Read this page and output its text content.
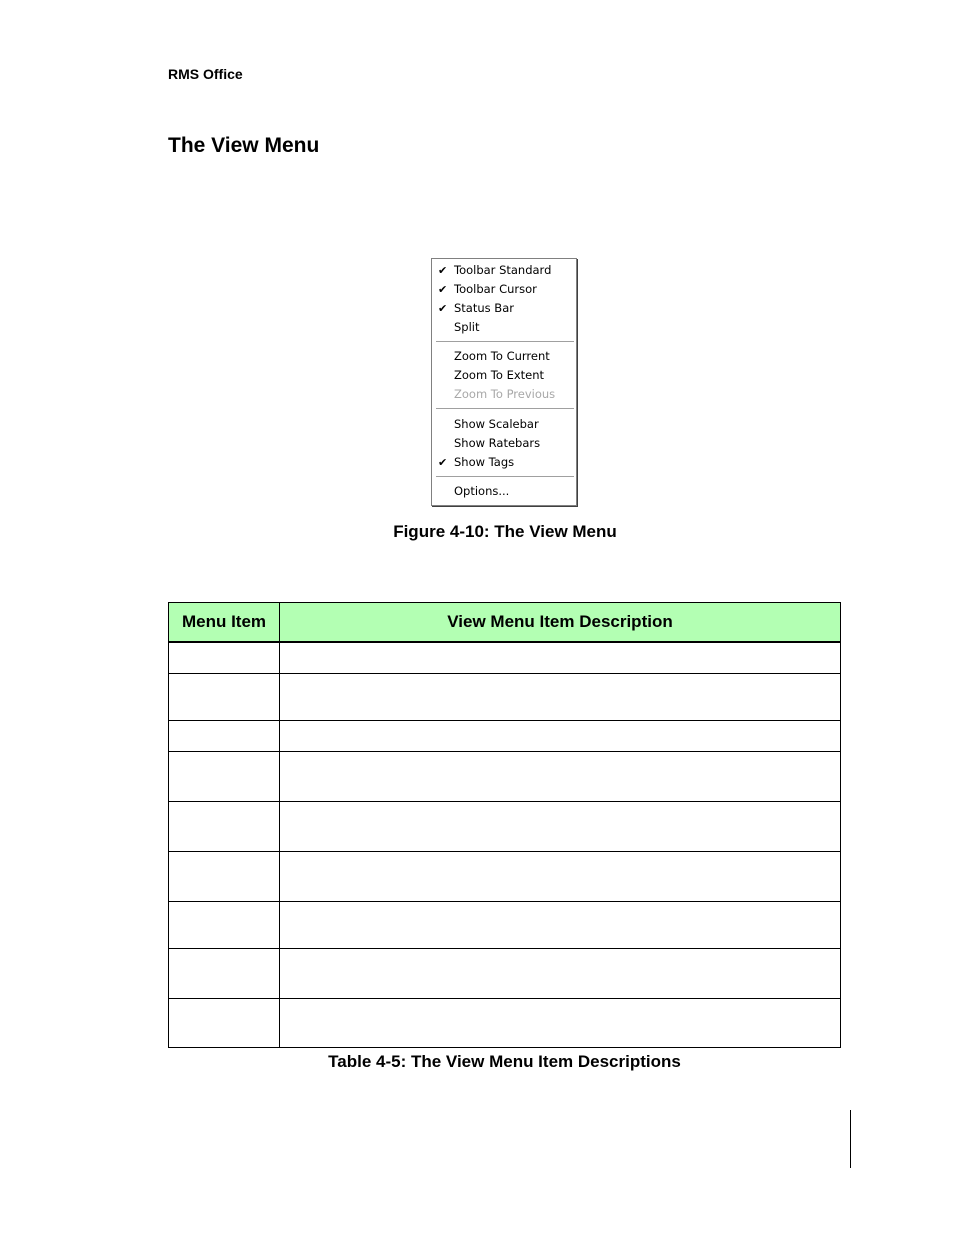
RMS Office
The View Menu
✔ Toolbar Standard
✔ Toolbar Cursor
✔ Status Bar
Split
Zoom To Current
Zoom To Extent
Zoom To Previous
Show Scalebar
Show Ratebars
✔ Show Tags
Options...
Figure 4-10: The View Menu
Menu Item	View Menu Item Description

Table 4-5: The View Menu Item Descriptions
